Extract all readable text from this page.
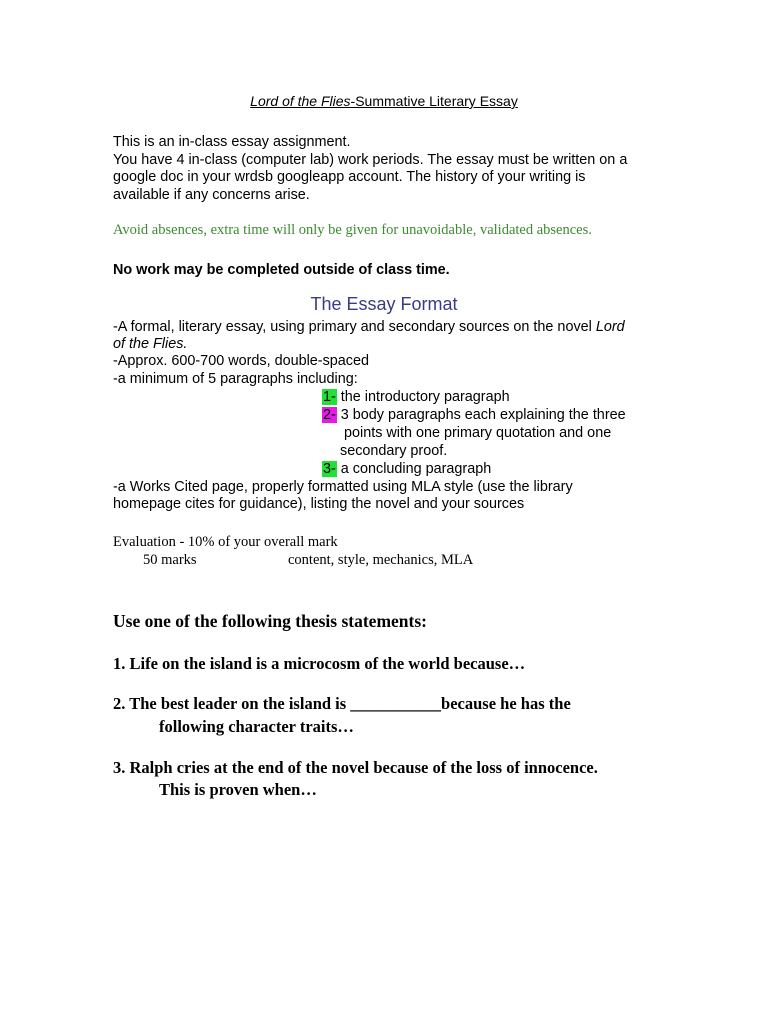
Lord of the Flies-Summative Literary Essay

This is an in-class essay assignment.

You have 4 in-class (computer lab) work periods. The essay must be written on a

google doc in your wrdsb googleapp account. The history of your writing is

available if any concerns arise.

Avoid absences, extra time will only be given for unavoidable, validated absences.

No work may be completed outside of class time.

The Essay Format

-A formal, literary essay, using primary and secondary sources on the novel Lord

of the Flies.

-Approx. 600-700 words, double-spaced

-a minimum of 5 paragraphs including:

1- the introductory paragraph

2- 3 body paragraphs each explaining the three

points with one primary quotation and one

secondary proof.

3- a concluding paragraph

-a Works Cited page, properly formatted using MLA style (use the library

homepage cites for guidance), listing the novel and your sources

Evaluation - 10% of your overall mark

50 marks	content, style, mechanics, MLA

Use one of the following thesis statements:

1. Life on the island is a microcosm of the world because…

2. The best leader on the island is ___________because he has the

following character traits…

3. Ralph cries at the end of the novel because of the loss of innocence.

This is proven when…
